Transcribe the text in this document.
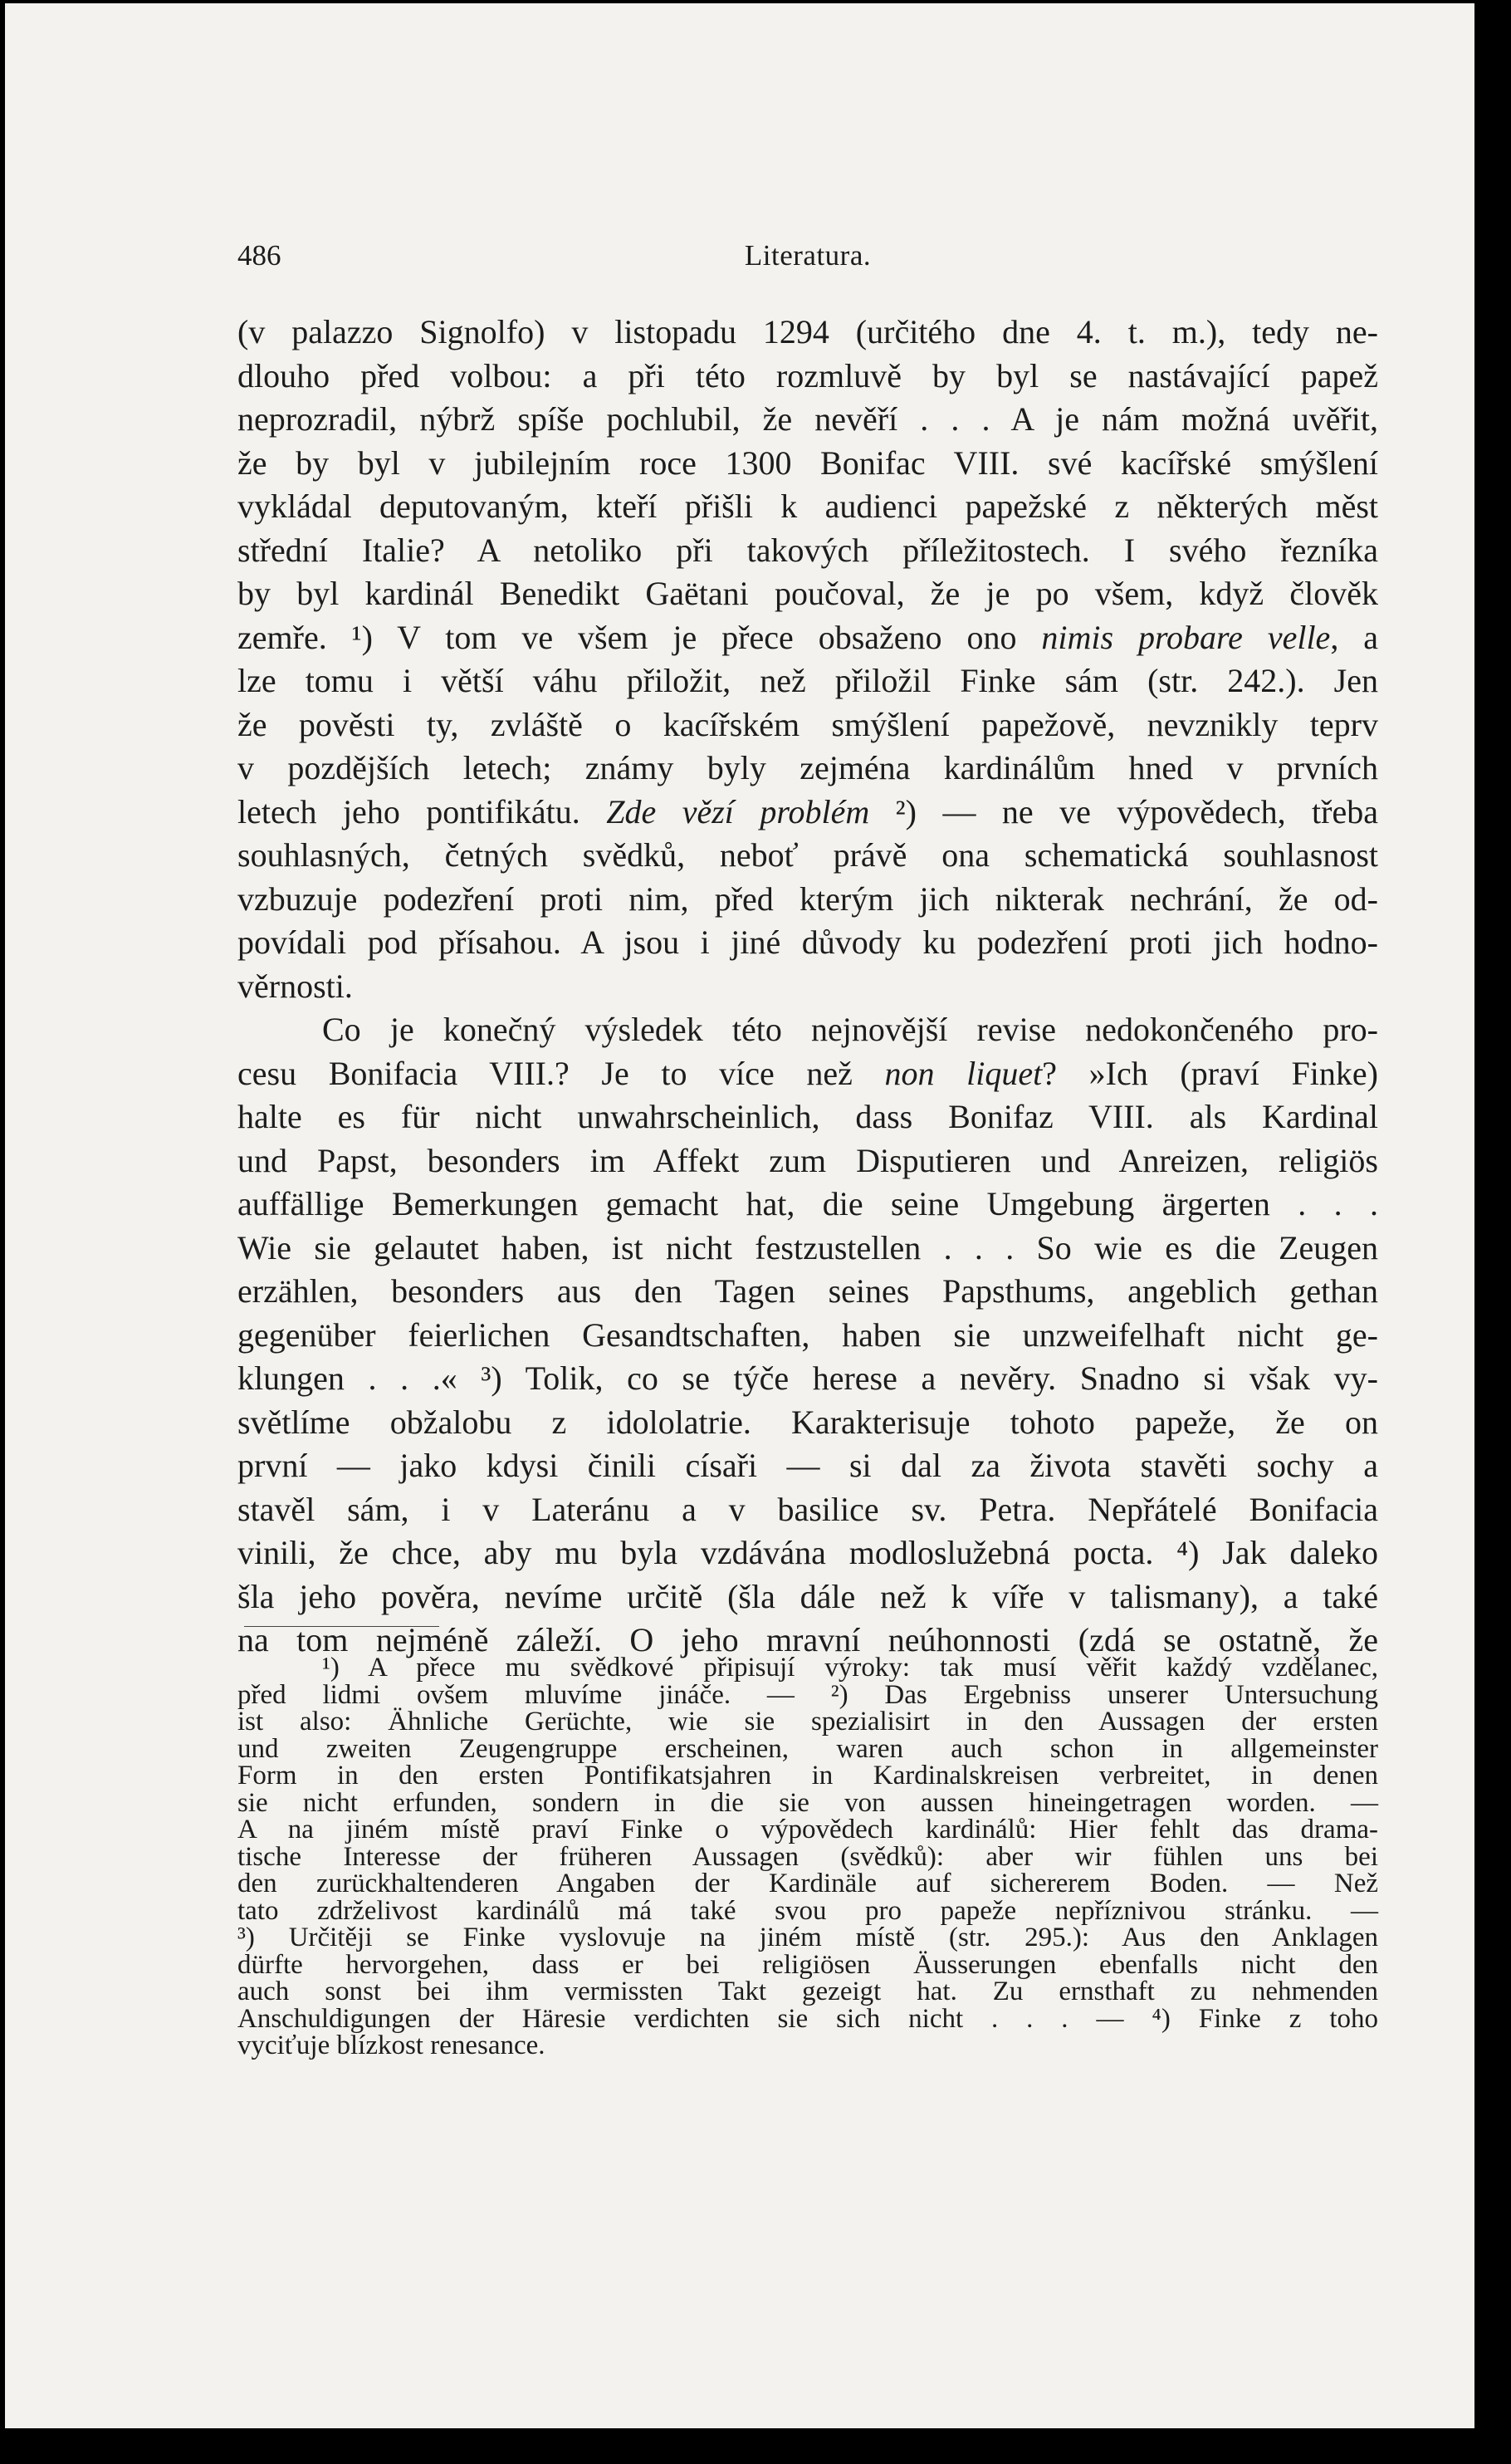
486	Literatura.
(v palazzo Signolfo) v listopadu 1294 (určitého dne 4. t. m.), tedy ne-
dlouho před volbou: a při této rozmluvě by byl se nastávající papež
neprozradil, nýbrž spíše pochlubil, že nevěří . . . A je nám možná uvěřit,
že by byl v jubilejním roce 1300 Bonifac VIII. své kacířské smýšlení
vykládal deputovaným, kteří přišli k audienci papežské z některých měst
střední Italie? A netoliko při takových příležitostech. I svého řezníka
by byl kardinál Benedikt Gaëtani poučoval, že je po všem, když člověk
zemře. ¹) V tom ve všem je přece obsaženo ono nimis probare velle, a
lze tomu i větší váhu přiložit, než přiložil Finke sám (str. 242.). Jen
že pověsti ty, zvláště o kacířském smýšlení papežově, nevznikly teprv
v pozdějších letech; známy byly zejména kardinálům hned v prvních
letech jeho pontifikátu. Zde vězí problém ²) — ne ve výpovědech, třeba
souhlasných, četných svědků, neboť právě ona schematická souhlasnost
vzbuzuje podezření proti nim, před kterým jich nikterak nechrání, že od-
povídali pod přísahou. A jsou i jiné důvody ku podezření proti jich hodno-
věrnosti.
Co je konečný výsledek této nejnovější revise nedokončeného pro-
cesu Bonifacia VIII.? Je to více než non liquet? »Ich (praví Finke)
halte es für nicht unwahrscheinlich, dass Bonifaz VIII. als Kardinal
und Papst, besonders im Affekt zum Disputieren und Anreizen, religiös
auffällige Bemerkungen gemacht hat, die seine Umgebung ärgerten . . .
Wie sie gelautet haben, ist nicht festzustellen . . . So wie es die Zeugen
erzählen, besonders aus den Tagen seines Papsthums, angeblich gethan
gegenüber feierlichen Gesandtschaften, haben sie unzweifelhaft nicht ge-
klungen . . .« ³) Tolik, co se týče herese a nevěry. Snadno si však vy-
světlíme obžalobu z idololatrie. Karakterisuje tohoto papeže, že on
první — jako kdysi činili císaři — si dal za života stavěti sochy a
stavěl sám, i v Lateránu a v basilice sv. Petra. Nepřátelé Bonifacia
vinili, že chce, aby mu byla vzdávána modloslužebná pocta. ⁴) Jak daleko
šla jeho pověra, nevíme určitě (šla dále než k víře v talismany), a také
na tom nejméně záleží. O jeho mravní neúhonnosti (zdá se ostatně, že
¹) A přece mu svědkové připisují výroky: tak musí věřit každý vzdělanec,
před lidmi ovšem mluvíme jináče. — ²) Das Ergebniss unserer Untersuchung
ist also: Ähnliche Gerüchte, wie sie spezialisirt in den Aussagen der ersten
und zweiten Zeugengruppe erscheinen, waren auch schon in allgemeinster
Form in den ersten Pontifikatsjahren in Kardinalskreisen verbreitet, in denen
sie nicht erfunden, sondern in die sie von aussen hineingetragen worden. —
A na jiném místě praví Finke o výpovědech kardinálů: Hier fehlt das drama-
tische Interesse der früheren Aussagen (svědků): aber wir fühlen uns bei
den zurückhaltenderen Angaben der Kardinäle auf sichererem Boden. — Než
tato zdrželivost kardinálů má také svou pro papeže nepříznivou stránku. —
³) Určitěji se Finke vyslovuje na jiném místě (str. 295.): Aus den Anklagen
dürfte hervorgehen, dass er bei religiösen Äusserungen ebenfalls nicht den
auch sonst bei ihm vermissten Takt gezeigt hat. Zu ernsthaft zu nehmenden
Anschuldigungen der Häresie verdichten sie sich nicht . . . — ⁴) Finke z toho
vyciťuje blízkost renesance.
